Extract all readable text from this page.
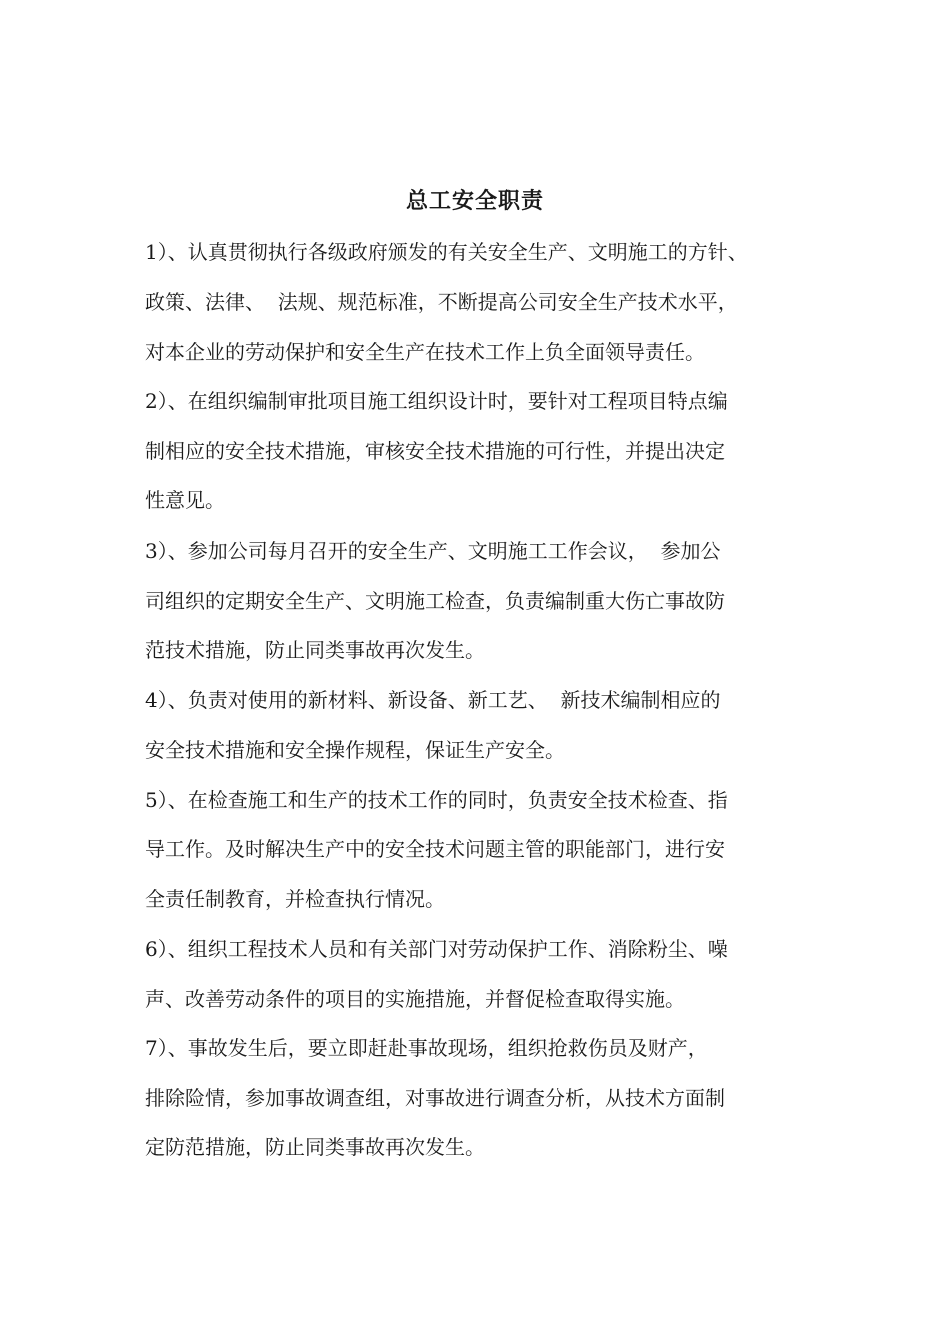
总工安全职责
1）、认真贯彻执行各级政府颁发的有关安全生产、文明施工的方针、
政策、法律、  法规、规范标准，不断提高公司安全生产技术水平，
对本企业的劳动保护和安全生产在技术工作上负全面领导责任。
2）、在组织编制审批项目施工组织设计时，要针对工程项目特点编
制相应的安全技术措施，审核安全技术措施的可行性，并提出决定
性意见。
3）、参加公司每月召开的安全生产、文明施工工作会议，  参加公
司组织的定期安全生产、文明施工检查，负责编制重大伤亡事故防
范技术措施，防止同类事故再次发生。
4）、负责对使用的新材料、新设备、新工艺、  新技术编制相应的
安全技术措施和安全操作规程，保证生产安全。
5）、在检查施工和生产的技术工作的同时，负责安全技术检查、指
导工作。及时解决生产中的安全技术问题主管的职能部门，进行安
全责任制教育，并检查执行情况。
6）、组织工程技术人员和有关部门对劳动保护工作、消除粉尘、噪
声、改善劳动条件的项目的实施措施，并督促检查取得实施。
7）、事故发生后，要立即赶赴事故现场，组织抢救伤员及财产，
排除险情，参加事故调查组，对事故进行调查分析，从技术方面制
定防范措施，防止同类事故再次发生。
